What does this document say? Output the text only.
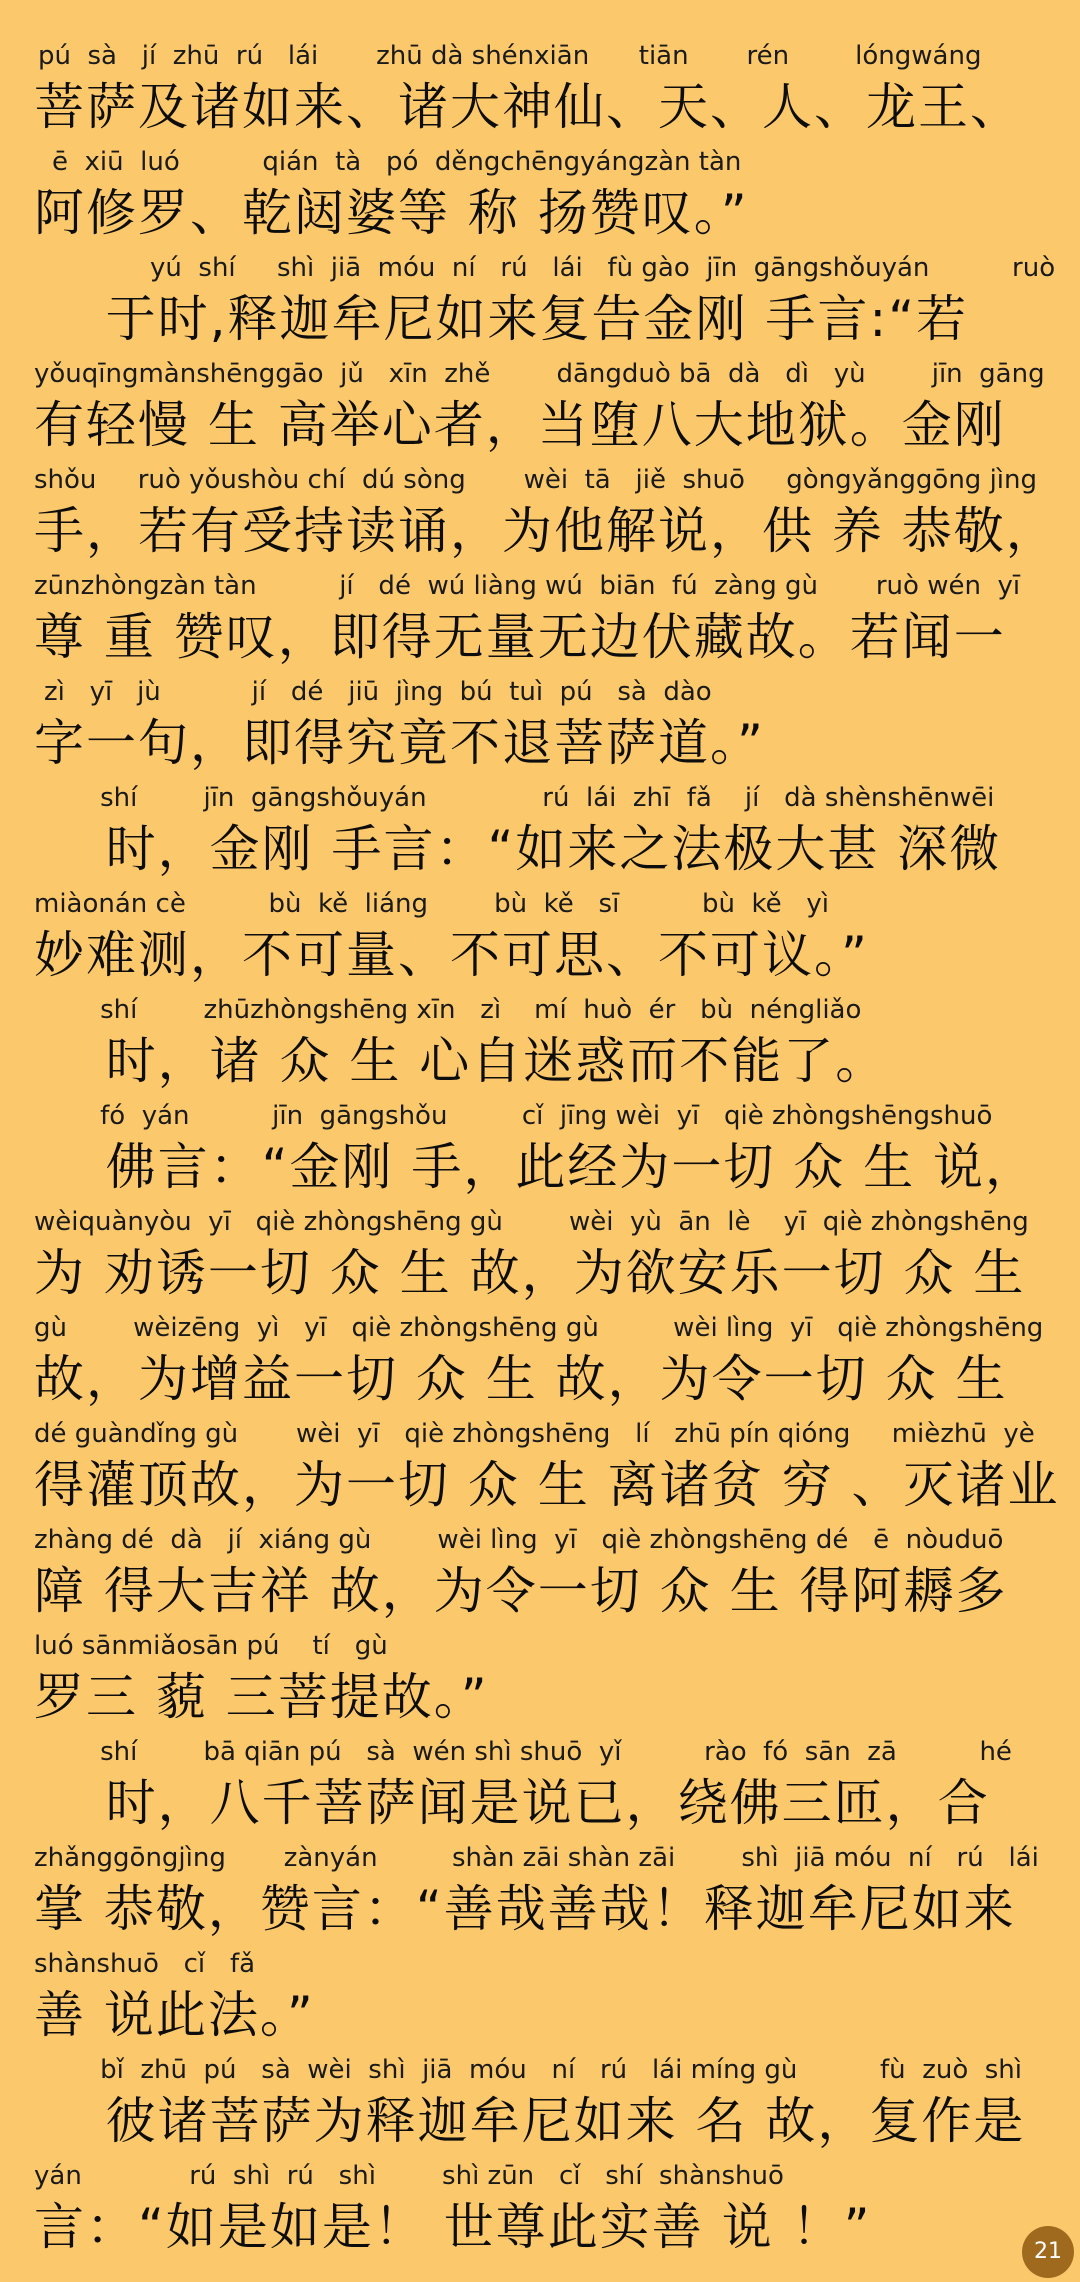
pú  sà   jí  zhū  rú   lái       zhū dà shénxiān      tiān       rén        lóngwáng
菩萨及诸如来、诸大神仙、天、人、龙王、
ē  xiū  luó          qián  tà   pó  děngchēngyángzàn tàn
阿修罗、乾闼婆等 称 扬赞叹。”
yú  shí     shì  jiā  móu  ní   rú   lái   fù gào  jīn  gāngshǒuyán          ruò
于时,释迦牟尼如来复告金刚 手言:“若
yǒuqīngmànshēnggāo  jǔ   xīn  zhě        dāngduò bā  dà   dì   yù        jīn  gāng
有轻慢 生 高举心者，当堕八大地狱。金刚
shǒu     ruò yǒushòu chí  dú sòng       wèi  tā   jiě  shuō     gòngyǎnggōng jìng
手，若有受持读诵，为他解说，供 养 恭敬，
zūnzhòngzàn tàn          jí   dé  wú liàng wú  biān  fú  zàng gù       ruò wén  yī
尊 重 赞叹，即得无量无边伏藏故。若闻一
zì   yī   jù           jí   dé   jiū  jìng  bú  tuì  pú   sà  dào
字一句，即得究竟不退菩萨道。”
shí        jīn  gāngshǒuyán              rú  lái  zhī  fǎ    jí   dà shènshēnwēi
时，金刚 手言：“如来之法极大甚 深微
miàonán cè          bù  kě  liáng        bù  kě   sī          bù  kě   yì
妙难测，不可量、不可思、不可议。”
shí        zhūzhòngshēng xīn   zì    mí  huò  ér   bù  néngliǎo
时，诸 众 生 心自迷惑而不能了。
fó  yán          jīn  gāngshǒu         cǐ  jīng wèi  yī   qiè zhòngshēngshuō
佛言：“金刚 手，此经为一切 众 生 说，
wèiquànyòu  yī   qiè zhòngshēng gù        wèi  yù  ān  lè    yī  qiè zhòngshēng
为 劝诱一切 众 生 故，为欲安乐一切 众 生
gù        wèizēng  yì   yī   qiè zhòngshēng gù         wèi lìng  yī   qiè zhòngshēng
故，为增益一切 众 生 故，为令一切 众 生
dé guàndǐng gù       wèi  yī   qiè zhòngshēng   lí   zhū pín qióng     mièzhū  yè
得灌顶故，为一切 众 生 离诸贫 穷 、灭诸业
zhàng dé  dà   jí  xiáng gù        wèi lìng  yī   qiè zhòngshēng dé   ē  nòuduō
障 得大吉祥 故，为令一切 众 生 得阿耨多
luó sānmiǎosān pú    tí   gù
罗三 藐 三菩提故。”
shí        bā qiān pú   sà  wén shì shuō  yǐ          rào  fó  sān  zā          hé
时，八千菩萨闻是说已，绕佛三匝，合
zhǎnggōngjìng       zànyán         shàn zāi shàn zāi        shì  jiā móu  ní   rú   lái
掌 恭敬，赞言：“善哉善哉！释迦牟尼如来
shànshuō   cǐ   fǎ
善 说此法。”
bǐ  zhū  pú   sà  wèi  shì  jiā  móu   ní   rú   lái míng gù          fù  zuò  shì
彼诸菩萨为释迦牟尼如来 名 故，复作是
yán             rú  shì  rú   shì        shì zūn   cǐ   shí  shànshuō
言：“如是如是！ 世尊此实善 说 ！”	21
